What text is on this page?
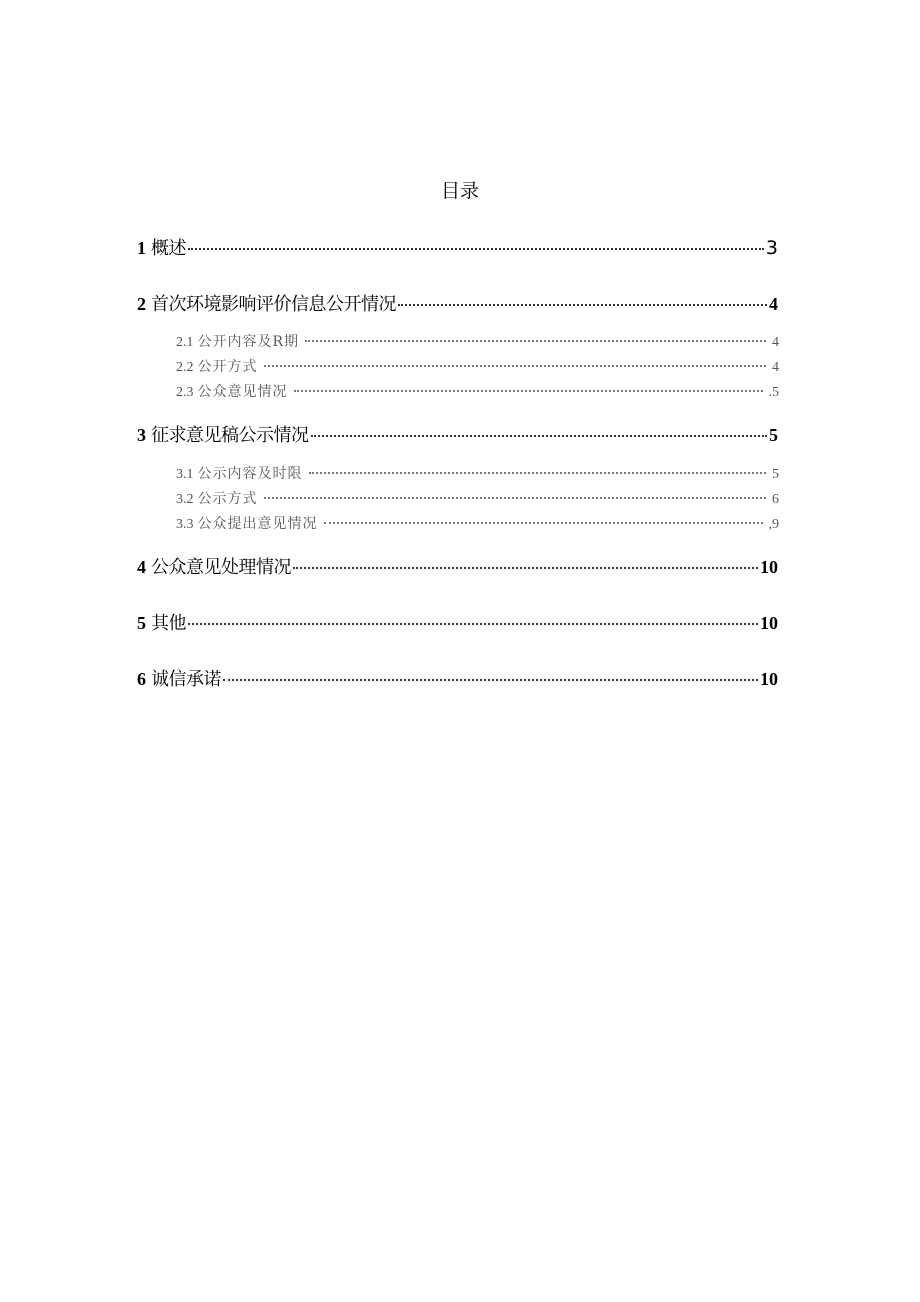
目录
1 概述	3
2 首次环境影响评价信息公开情况	4
2.1 公开内容及R期	4
2.2 公开方式	4
2.3 公众意见情况	.5
3 征求意见稿公示情况	5
3.1 公示内容及时限	5
3.2 公示方式	6
3.3 公众提出意见情况	,9
4 公众意见处理情况	10
5 其他	10
6 诚信承诺	10
